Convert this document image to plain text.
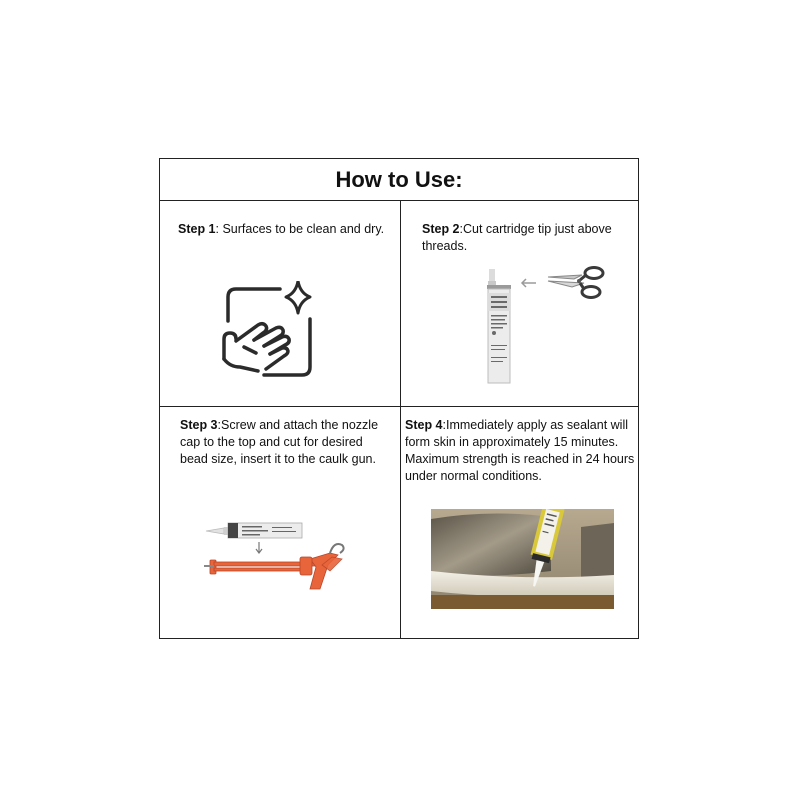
How to Use:
Step 1: Surfaces to be clean and dry.	Step 2:Cut cartridge tip just above threads.
Step 3:Screw and attach the nozzle cap to the top and cut for desired bead size, insert it to the caulk gun.
Step 4:Immediately apply as sealant will form skin in approximately 15 minutes. Maximum strength is reached in 24 hours under normal conditions.
